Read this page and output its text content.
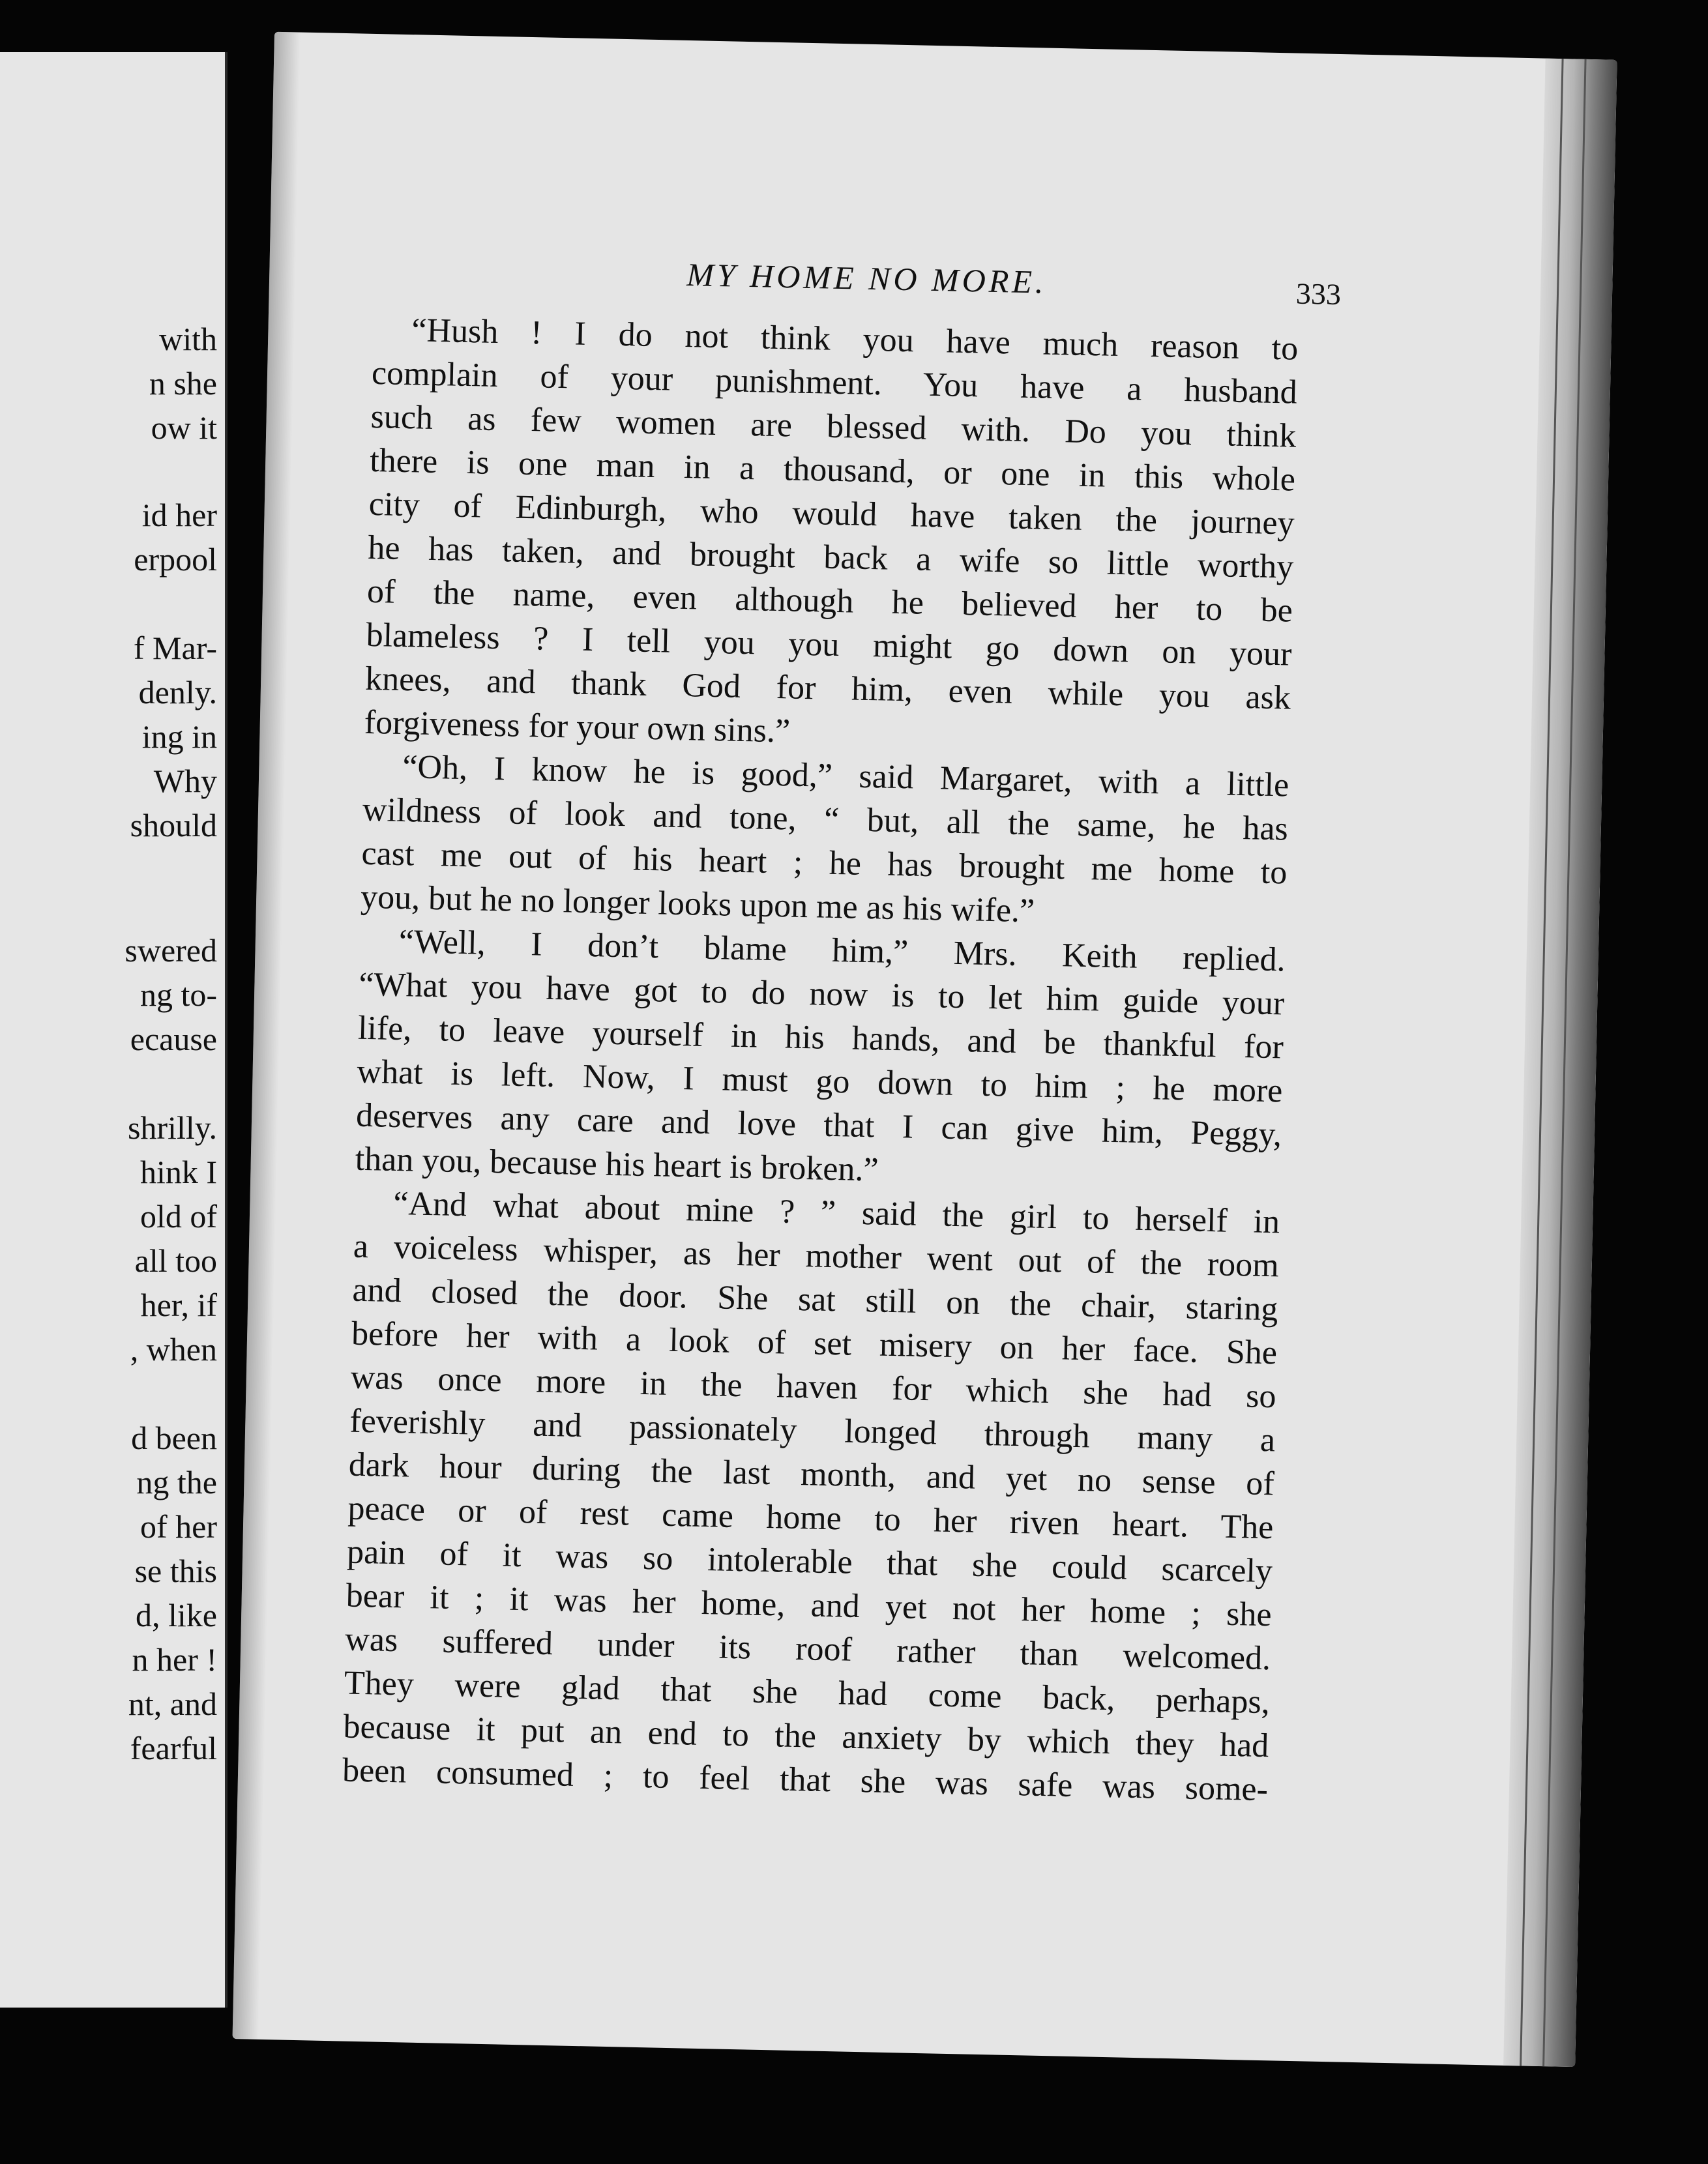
with
n she
ow it
id her
erpool
f Mar-
denly.
ing in
Why
should
swered
ng to-
ecause
shrilly.
hink I
old of
all too
her, if
, when
d been
ng the
of her
se this
d, like
n her !
nt, and
fearful
MY HOME NO MORE.	333
“Hush ! I do not think you have much reason to
complain of your punishment. You have a husband
such as few women are blessed with. Do you think
there is one man in a thousand, or one in this whole
city of Edinburgh, who would have taken the journey
he has taken, and brought back a wife so little worthy
of the name, even although he believed her to be
blameless ? I tell you you might go down on your
knees, and thank God for him, even while you ask
forgiveness for your own sins.”
“Oh, I know he is good,” said Margaret, with a little
wildness of look and tone, “ but, all the same, he has
cast me out of his heart ; he has brought me home to
you, but he no longer looks upon me as his wife.”
“Well, I don’t blame him,” Mrs. Keith replied.
“What you have got to do now is to let him guide your
life, to leave yourself in his hands, and be thankful for
what is left. Now, I must go down to him ; he more
deserves any care and love that I can give him, Peggy,
than you, because his heart is broken.”
“And what about mine ? ” said the girl to herself in
a voiceless whisper, as her mother went out of the room
and closed the door. She sat still on the chair, staring
before her with a look of set misery on her face. She
was once more in the haven for which she had so
feverishly and passionately longed through many a
dark hour during the last month, and yet no sense of
peace or of rest came home to her riven heart. The
pain of it was so intolerable that she could scarcely
bear it ; it was her home, and yet not her home ; she
was suffered under its roof rather than welcomed.
They were glad that she had come back, perhaps,
because it put an end to the anxiety by which they had
been consumed ; to feel that she was safe was some-
